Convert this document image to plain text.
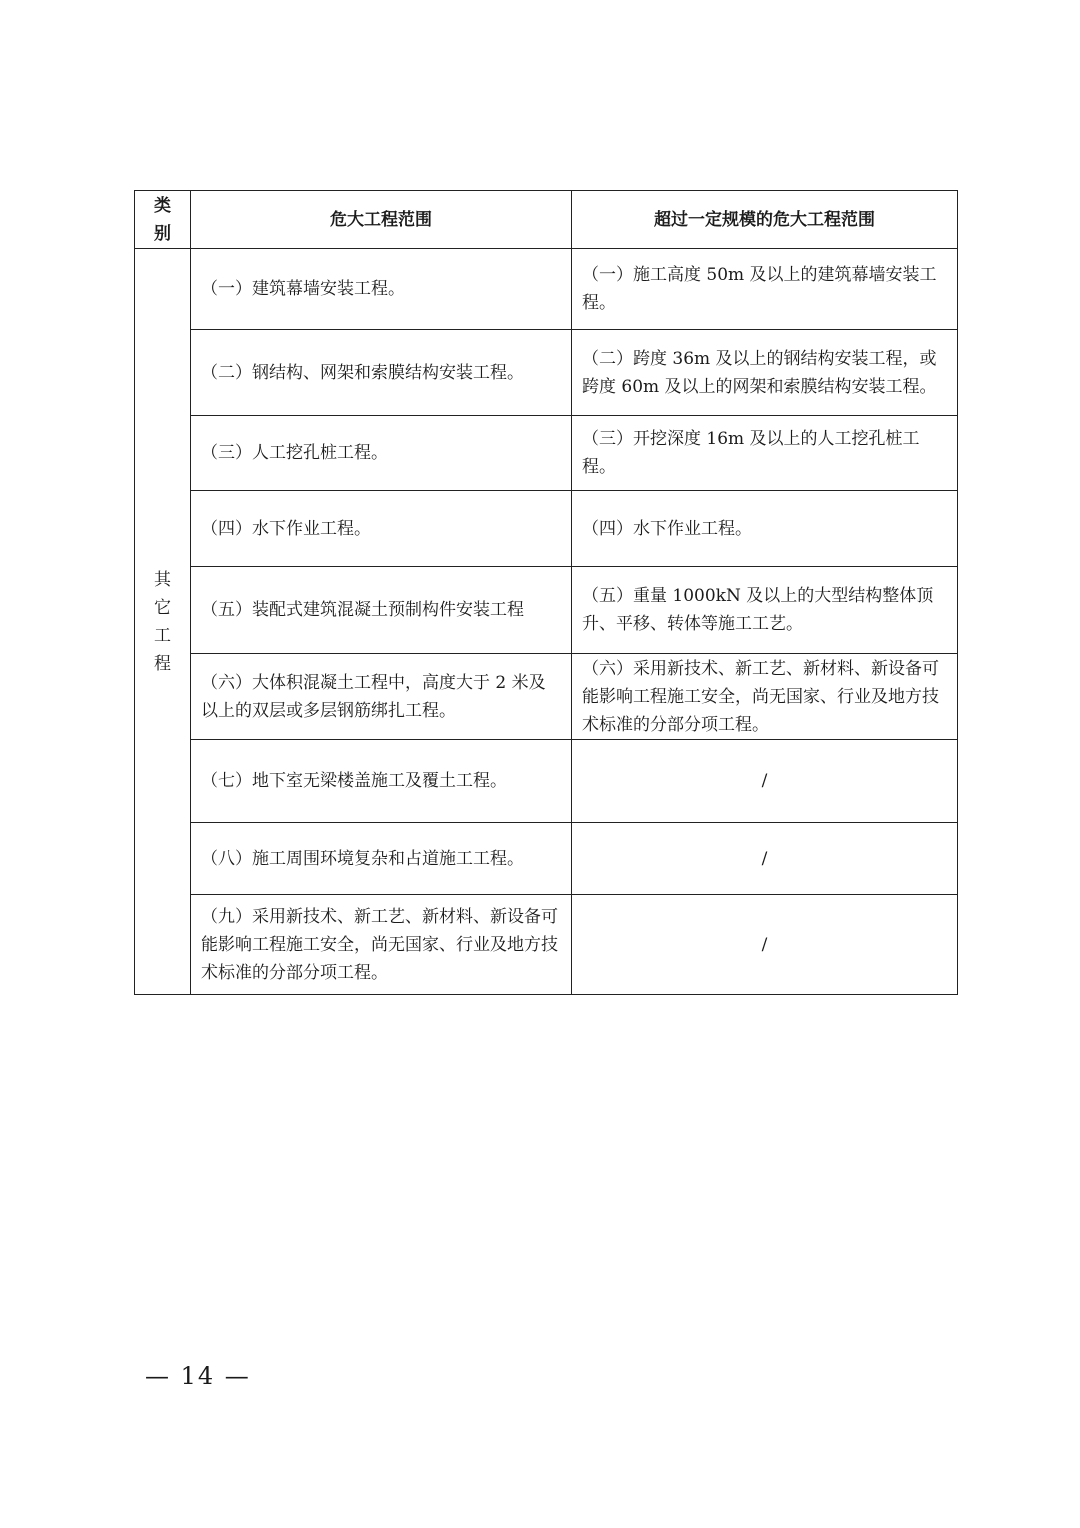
类别	危大工程范围	超过一定规模的危大工程范围
其它工程	（一）建筑幕墙安装工程。	（一）施工高度 50m 及以上的建筑幕墙安装工程。
	（二）钢结构、网架和索膜结构安装工程。	（二）跨度 36m 及以上的钢结构安装工程，或跨度 60m 及以上的网架和索膜结构安装工程。
	（三）人工挖孔桩工程。	（三）开挖深度 16m 及以上的人工挖孔桩工程。
	（四）水下作业工程。	（四）水下作业工程。
	（五）装配式建筑混凝土预制构件安装工程	（五）重量 1000kN 及以上的大型结构整体顶升、平移、转体等施工工艺。
	（六）大体积混凝土工程中，高度大于 2 米及以上的双层或多层钢筋绑扎工程。	（六）采用新技术、新工艺、新材料、新设备可能影响工程施工安全，尚无国家、行业及地方技术标准的分部分项工程。
	（七）地下室无梁楼盖施工及覆土工程。	/
	（八）施工周围环境复杂和占道施工工程。	/
	（九）采用新技术、新工艺、新材料、新设备可能影响工程施工安全，尚无国家、行业及地方技术标准的分部分项工程。	/
— 14 —
